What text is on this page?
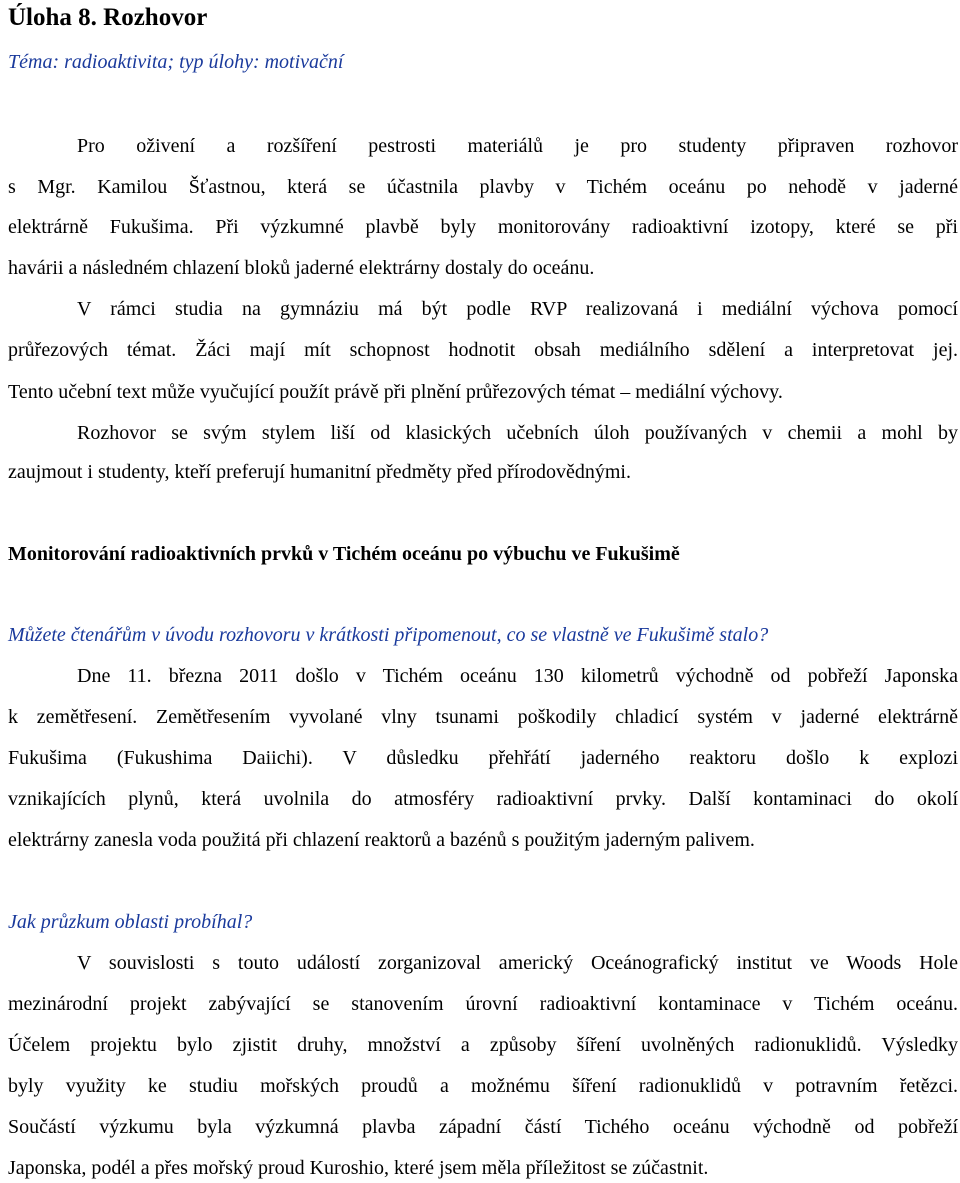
Úloha 8. Rozhovor
Téma: radioaktivita; typ úlohy: motivační
Pro oživení a rozšíření pestrosti materiálů je pro studenty připraven rozhovor
s Mgr. Kamilou Šťastnou, která se účastnila plavby v Tichém oceánu po nehodě v jaderné
elektrárně Fukušima. Při výzkumné plavbě byly monitorovány radioaktivní izotopy, které se při
havárii a následném chlazení bloků jaderné elektrárny dostaly do oceánu.
V rámci studia na gymnáziu má být podle RVP realizovaná i mediální výchova pomocí
průřezových témat. Žáci mají mít schopnost hodnotit obsah mediálního sdělení a interpretovat jej.
Tento učební text může vyučující použít právě při plnění průřezových témat – mediální výchovy.
Rozhovor se svým stylem liší od klasických učebních úloh používaných v chemii a mohl by
zaujmout i studenty, kteří preferují humanitní předměty před přírodovědnými.
Monitorování radioaktivních prvků v Tichém oceánu po výbuchu ve Fukušimě
Můžete čtenářům v úvodu rozhovoru v krátkosti připomenout, co se vlastně ve Fukušimě stalo?
Dne 11. března 2011 došlo v Tichém oceánu 130 kilometrů východně od pobřeží Japonska
k zemětřesení. Zemětřesením vyvolané vlny tsunami poškodily chladicí systém v jaderné elektrárně
Fukušima (Fukushima Daiichi). V důsledku přehřátí jaderného reaktoru došlo k explozi
vznikajících plynů, která uvolnila do atmosféry radioaktivní prvky. Další kontaminaci do okolí
elektrárny zanesla voda použitá při chlazení reaktorů a bazénů s použitým jaderným palivem.
Jak průzkum oblasti probíhal?
V souvislosti s touto událostí zorganizoval americký Oceánografický institut ve Woods Hole
mezinárodní projekt zabývající se stanovením úrovní radioaktivní kontaminace v Tichém oceánu.
Účelem projektu bylo zjistit druhy, množství a způsoby šíření uvolněných radionuklidů. Výsledky
byly využity ke studiu mořských proudů a možnému šíření radionuklidů v potravním řetězci.
Součástí výzkumu byla výzkumná plavba západní částí Tichého oceánu východně od pobřeží
Japonska, podél a přes mořský proud Kuroshio, které jsem měla příležitost se zúčastnit.
